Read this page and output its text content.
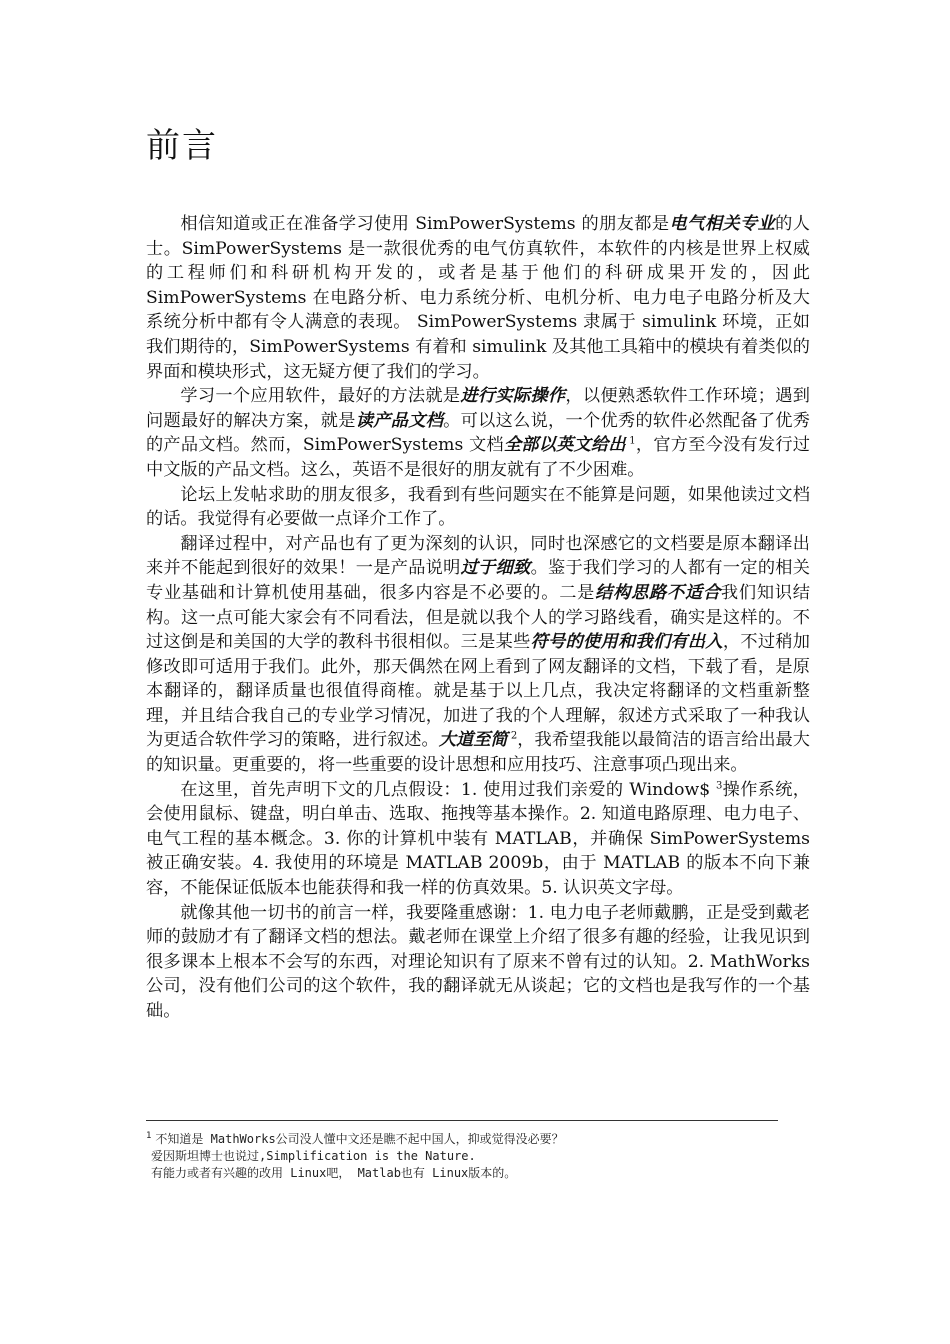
前言

相信知道或正在准备学习使用 SimPowerSystems 的朋友都是电气相关专业的人士。SimPowerSystems 是一款很优秀的电气仿真软件，本软件的内核是世界上权威的工程师们和科研机构开发的，或者是基于他们的科研成果开发的，因此 SimPowerSystems 在电路分析、电力系统分析、电机分析、电力电子电路分析及大系统分析中都有令人满意的表现。 SimPowerSystems 隶属于 simulink 环境，正如我们期待的，SimPowerSystems 有着和 simulink 及其他工具箱中的模块有着类似的界面和模块形式，这无疑方便了我们的学习。

学习一个应用软件，最好的方法就是进行实际操作，以便熟悉软件工作环境；遇到问题最好的解决方案，就是读产品文档。可以这么说，一个优秀的软件必然配备了优秀的产品文档。然而，SimPowerSystems 文档全部以英文给出 $^1$，官方至今没有发行过中文版的产品文档。这么，英语不是很好的朋友就有了不少困难。

论坛上发帖求助的朋友很多，我看到有些问题实在不能算是问题，如果他读过文档的话。我觉得有必要做一点译介工作了。

翻译过程中，对产品也有了更为深刻的认识，同时也深感它的文档要是原本翻译出来并不能起到很好的效果！一是产品说明过于细致。鉴于我们学习的人都有一定的相关专业基础和计算机使用基础，很多内容是不必要的。二是结构思路不适合我们知识结构。这一点可能大家会有不同看法，但是就以我个人的学习路线看，确实是这样的。不过这倒是和美国的大学的教科书很相似。三是某些符号的使用和我们有出入，不过稍加修改即可适用于我们。此外，那天偶然在网上看到了网友翻译的文档，下载了看，是原本翻译的，翻译质量也很值得商榷。就是基于以上几点，我决定将翻译的文档重新整理，并且结合我自己的专业学习情况，加进了我的个人理解，叙述方式采取了一种我认为更适合软件学习的策略，进行叙述。大道至简 $^2$，我希望我能以最简洁的语言给出最大的知识量。更重要的，将一些重要的设计思想和应用技巧、注意事项凸现出来。

在这里，首先声明下文的几点假设：1. 使用过我们亲爱的 Window$ $^3$操作系统，会使用鼠标、键盘，明白单击、选取、拖拽等基本操作。2. 知道电路原理、电力电子、电气工程的基本概念。3. 你的计算机中装有 MATLAB，并确保 SimPowerSystems 被正确安装。4. 我使用的环境是 MATLAB 2009b，由于 MATLAB 的版本不向下兼容，不能保证低版本也能获得和我一样的仿真效果。5. 认识英文字母。

就像其他一切书的前言一样，我要隆重感谢：1. 电力电子老师戴鹏，正是受到戴老师的鼓励才有了翻译文档的想法。戴老师在课堂上介绍了很多有趣的经验，让我见识到很多课本上根本不会写的东西，对理论知识有了原来不曾有过的认知。2. MathWorks 公司，没有他们公司的这个软件，我的翻译就无从谈起；它的文档也是我写作的一个基础。

$^1$ 不知道是 MathWorks公司没人懂中文还是瞧不起中国人，抑或觉得没必要？

爱因斯坦博士也说过,Simplification is the Nature.

有能力或者有兴趣的改用 Linux吧， Matlab也有 Linux版本的。
